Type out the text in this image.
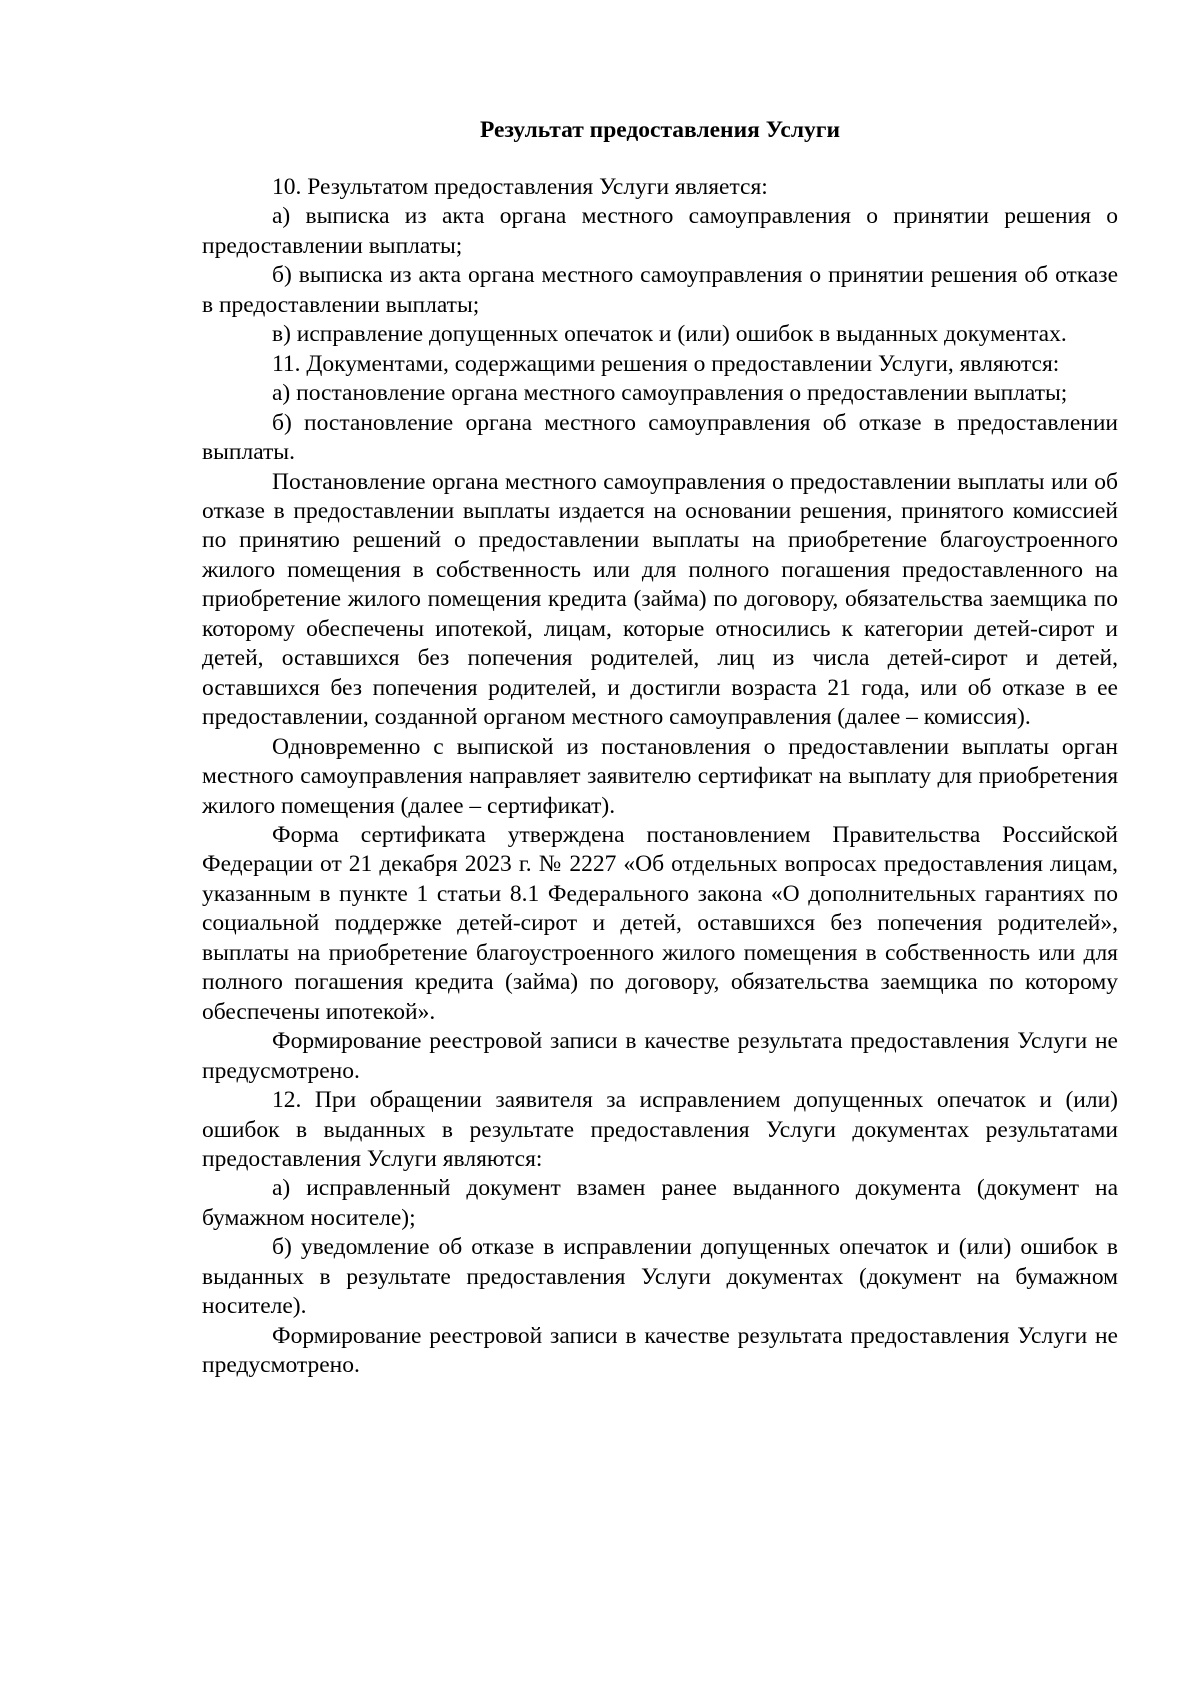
Результат предоставления Услуги

10. Результатом предоставления Услуги является:

а) выписка из акта органа местного самоуправления о принятии решения о предоставлении выплаты;

б) выписка из акта органа местного самоуправления о принятии решения об отказе в предоставлении выплаты;

в) исправление допущенных опечаток и (или) ошибок в выданных документах.

11. Документами, содержащими решения о предоставлении Услуги, являются:

а) постановление органа местного самоуправления о предоставлении выплаты;

б) постановление органа местного самоуправления об отказе в предоставлении выплаты.

Постановление органа местного самоуправления о предоставлении выплаты или об отказе в предоставлении выплаты издается на основании решения, принятого комиссией по принятию решений о предоставлении выплаты на приобретение благоустроенного жилого помещения в собственность или для полного погашения предоставленного на приобретение жилого помещения кредита (займа) по договору, обязательства заемщика по которому обеспечены ипотекой, лицам, которые относились к категории детей-сирот и детей, оставшихся без попечения родителей, лиц из числа детей-сирот и детей, оставшихся без попечения родителей, и достигли возраста 21 года, или об отказе в ее предоставлении, созданной органом местного самоуправления (далее – комиссия).

Одновременно с выпиской из постановления о предоставлении выплаты орган местного самоуправления направляет заявителю сертификат на выплату для приобретения жилого помещения (далее – сертификат).

Форма сертификата утверждена постановлением Правительства Российской Федерации от 21 декабря 2023 г. № 2227 «Об отдельных вопросах предоставления лицам, указанным в пункте 1 статьи 8.1 Федерального закона «О дополнительных гарантиях по социальной поддержке детей-сирот и детей, оставшихся без попечения родителей», выплаты на приобретение благоустроенного жилого помещения в собственность или для полного погашения кредита (займа) по договору, обязательства заемщика по которому обеспечены ипотекой».

Формирование реестровой записи в качестве результата предоставления Услуги не предусмотрено.

12. При обращении заявителя за исправлением допущенных опечаток и (или) ошибок в выданных в результате предоставления Услуги документах результатами предоставления Услуги являются:

а) исправленный документ взамен ранее выданного документа (документ на бумажном носителе);

б) уведомление об отказе в исправлении допущенных опечаток и (или) ошибок в выданных в результате предоставления Услуги документах (документ на бумажном носителе).

Формирование реестровой записи в качестве результата предоставления Услуги не предусмотрено.
